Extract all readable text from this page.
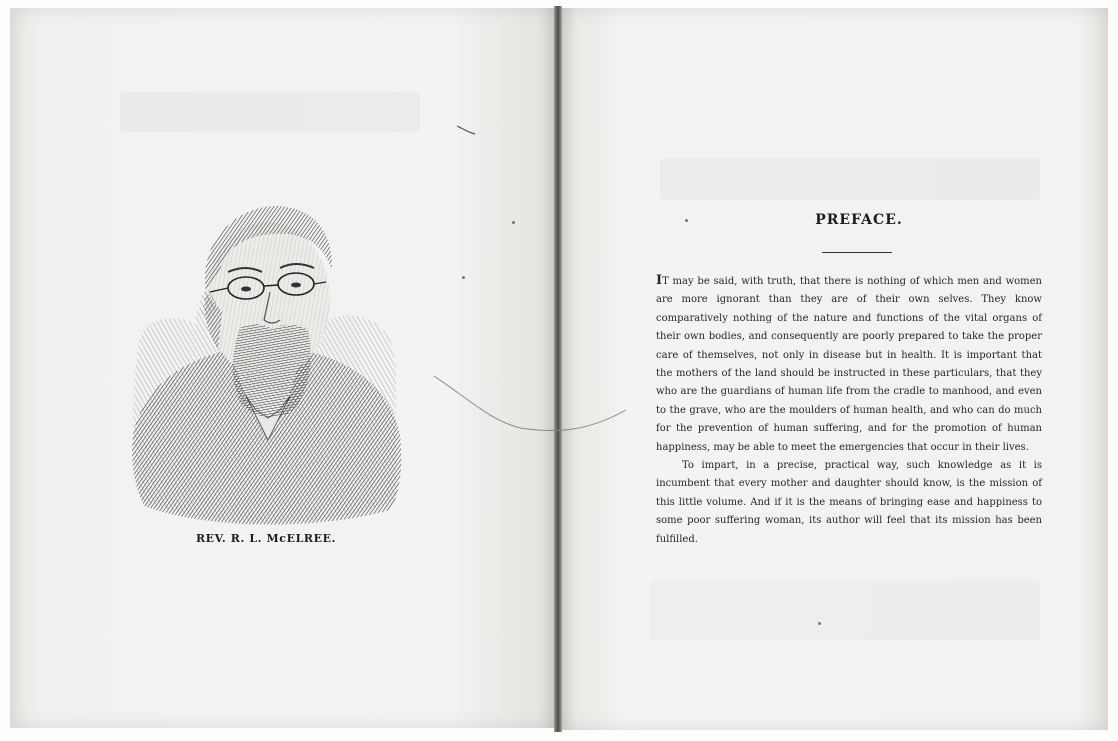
REV. R. L. McELREE.
PREFACE.

IT may be said, with truth, that there is nothing of which men and women are more ignorant than they are of their own selves. They know comparatively nothing of the nature and functions of the vital organs of their own bodies, and consequently are poorly prepared to take the proper care of themselves, not only in disease but in health. It is important that the mothers of the land should be instructed in these particulars, that they who are the guardians of human life from the cradle to manhood, and even to the grave, who are the moulders of human health, and who can do much for the prevention of human suffering, and for the promotion of human happiness, may be able to meet the emergencies that occur in their lives.

To impart, in a precise, practical way, such knowledge as it is incumbent that every mother and daughter should know, is the mission of this little volume. And if it is the means of bringing ease and happiness to some poor suffering woman, its author will feel that its mission has been fulfilled.
